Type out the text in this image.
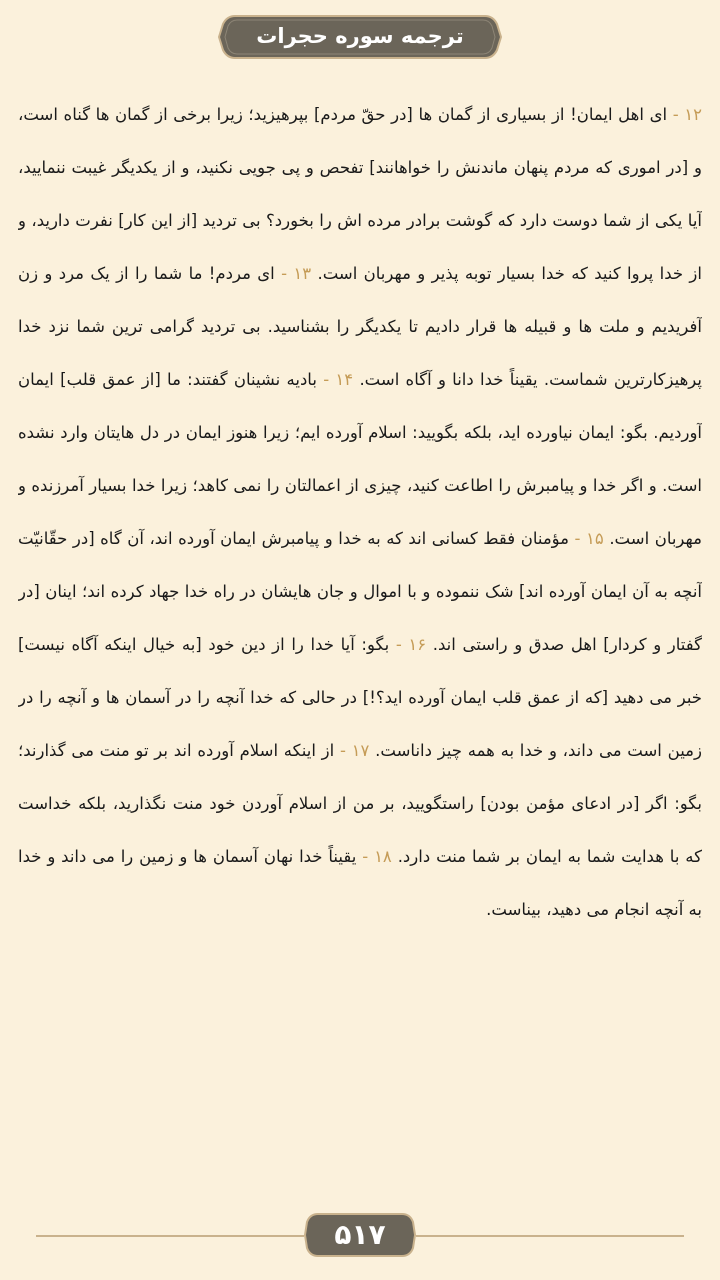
ترجمه سوره حجرات
۱۲ - ای اهل ایمان! از بسیاری از گمان ها [در حقّ مردم] بپرهیزید؛ زیرا برخی از گمان ها گناه است، و [در اموری که مردم پنهان ماندنش را خواهانند] تفحص و پی جویی نکنید، و از یکدیگر غیبت ننمایید، آیا یکی از شما دوست دارد که گوشت برادر مرده اش را بخورد؟ بی تردید [از این کار] نفرت دارید، و از خدا پروا کنید که خدا بسیار توبه پذیر و مهربان است. ۱۳ - ای مردم! ما شما را از یک مرد و زن آفریدیم و ملت ها و قبیله ها قرار دادیم تا یکدیگر را بشناسید. بی تردید گرامی ترین شما نزد خدا پرهیزکارترین شماست. یقیناً خدا دانا و آگاه است. ۱۴ - بادیه نشینان گفتند: ما [از عمق قلب] ایمان آوردیم. بگو: ایمان نیاورده اید، بلکه بگویید: اسلام آورده ایم؛ زیرا هنوز ایمان در دل هایتان وارد نشده است. و اگر خدا و پیامبرش را اطاعت کنید، چیزی از اعمالتان را نمی کاهد؛ زیرا خدا بسیار آمرزنده و مهربان است. ۱۵ - مؤمنان فقط کسانی اند که به خدا و پیامبرش ایمان آورده اند، آن گاه [در حقّانیّت آنچه به آن ایمان آورده اند] شک ننموده و با اموال و جان هایشان در راه خدا جهاد کرده اند؛ اینان [در گفتار و کردار] اهل صدق و راستی اند. ۱۶ - بگو: آیا خدا را از دین خود [به خیال اینکه آگاه نیست] خبر می دهید [که از عمق قلب ایمان آورده اید؟!] در حالی که خدا آنچه را در آسمان ها و آنچه را در زمین است می داند، و خدا به همه چیز داناست. ۱۷ - از اینکه اسلام آورده اند بر تو منت می گذارند؛ بگو: اگر [در ادعای مؤمن بودن] راستگویید، بر من از اسلام آوردن خود منت نگذارید، بلکه خداست که با هدایت شما به ایمان بر شما منت دارد. ۱۸ - یقیناً خدا نهان آسمان ها و زمین را می داند و خدا به آنچه انجام می دهید، بیناست.
۵۱۷
